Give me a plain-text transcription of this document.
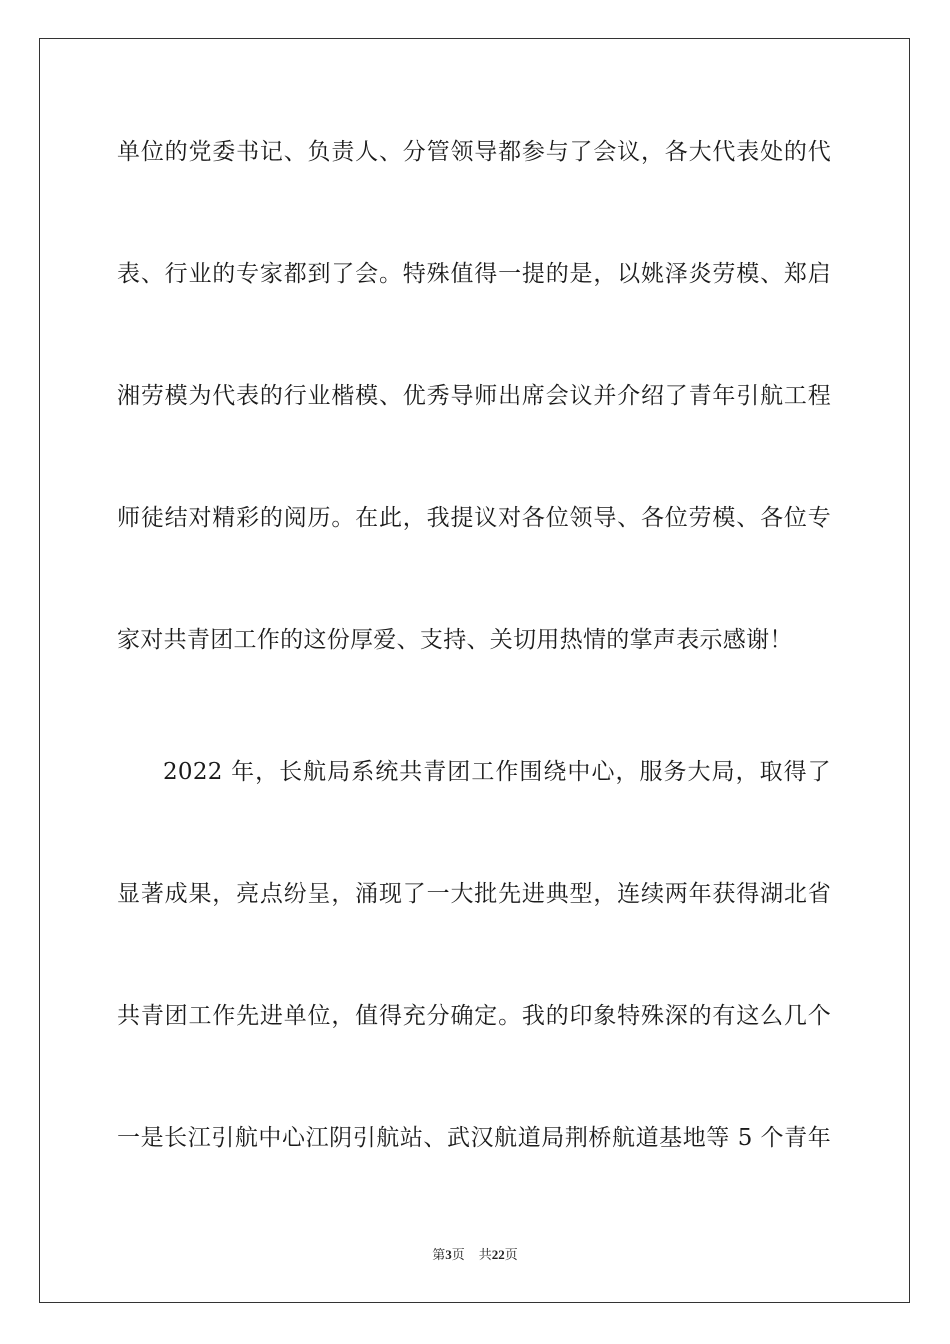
单位的党委书记、负责人、分管领导都参与了会议，各大代表处的代
表、行业的专家都到了会。特殊值得一提的是，以姚泽炎劳模、郑启
湘劳模为代表的行业楷模、优秀导师出席会议并介绍了青年引航工程
师徒结对精彩的阅历。在此，我提议对各位领导、各位劳模、各位专
家对共青团工作的这份厚爱、支持、关切用热情的掌声表示感谢！
2022 年，长航局系统共青团工作围绕中心，服务大局，取得了
显著成果，亮点纷呈，涌现了一大批先进典型，连续两年获得湖北省
共青团工作先进单位，值得充分确定。我的印象特殊深的有这么几个
一是长江引航中心江阴引航站、武汉航道局荆桥航道基地等 5 个青年
第3页 共22页
